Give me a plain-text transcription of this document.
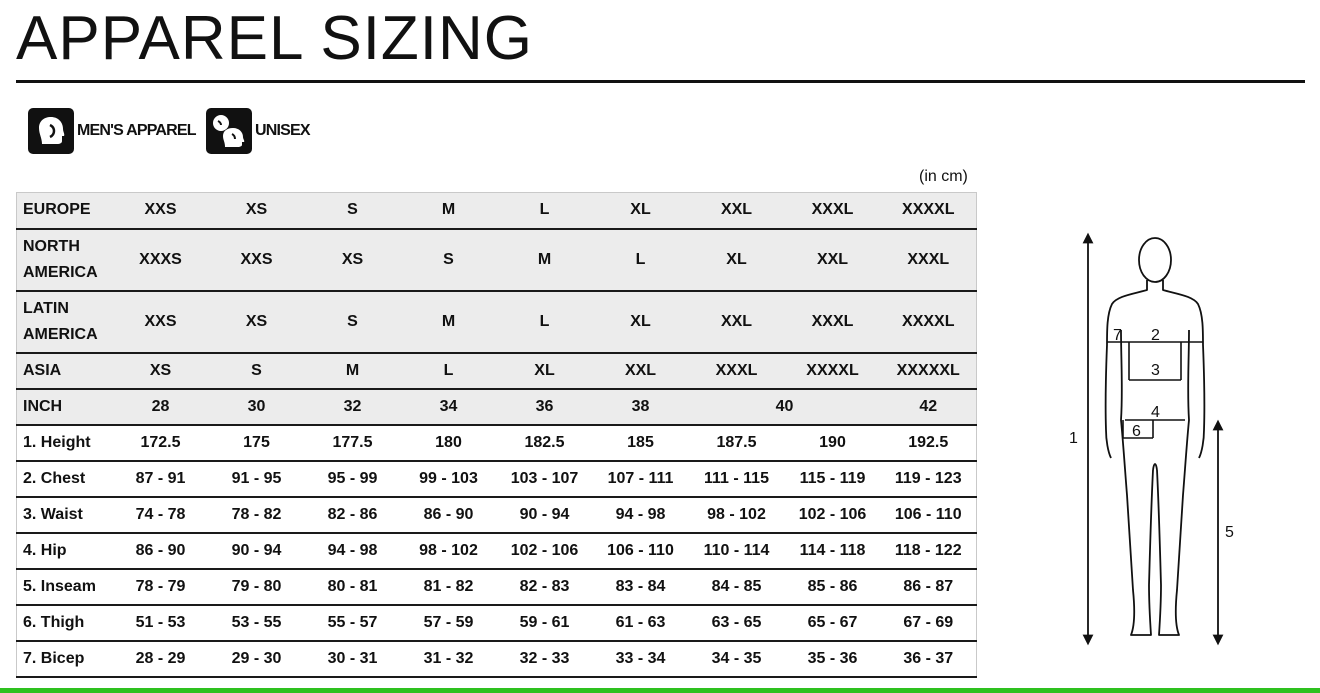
APPAREL SIZING
MEN'S APPAREL	UNISEX
(in cm)
EUROPE	XXS	XS	S	M	L	XL	XXL	XXXL	XXXXL
NORTH AMERICA	XXXS	XXS	XS	S	M	L	XL	XXL	XXXL
LATIN AMERICA	XXS	XS	S	M	L	XL	XXL	XXXL	XXXXL
ASIA	XS	S	M	L	XL	XXL	XXXL	XXXXL	XXXXXL
INCH	28	30	32	34	36	38	40		42
1. Height	172.5	175	177.5	180	182.5	185	187.5	190	192.5
2. Chest	87 - 91	91 - 95	95 - 99	99 - 103	103 - 107	107 - 111	111 - 115	115 - 119	119 - 123
3. Waist	74 - 78	78 - 82	82 - 86	86 - 90	90 - 94	94 - 98	98 - 102	102 - 106	106 - 110
4. Hip	86 - 90	90 - 94	94 - 98	98 - 102	102 - 106	106 - 110	110 - 114	114 - 118	118 - 122
5. Inseam	78 - 79	79 - 80	80 - 81	81 - 82	82 - 83	83 - 84	84 - 85	85 - 86	86 - 87
6. Thigh	51 - 53	53 - 55	55 - 57	57 - 59	59 - 61	61 - 63	63 - 65	65 - 67	67 - 69
7. Bicep	28 - 29	29 - 30	30 - 31	31 - 32	32 - 33	33 - 34	34 - 35	35 - 36	36 - 37
1
2
3
4
5
6
7
